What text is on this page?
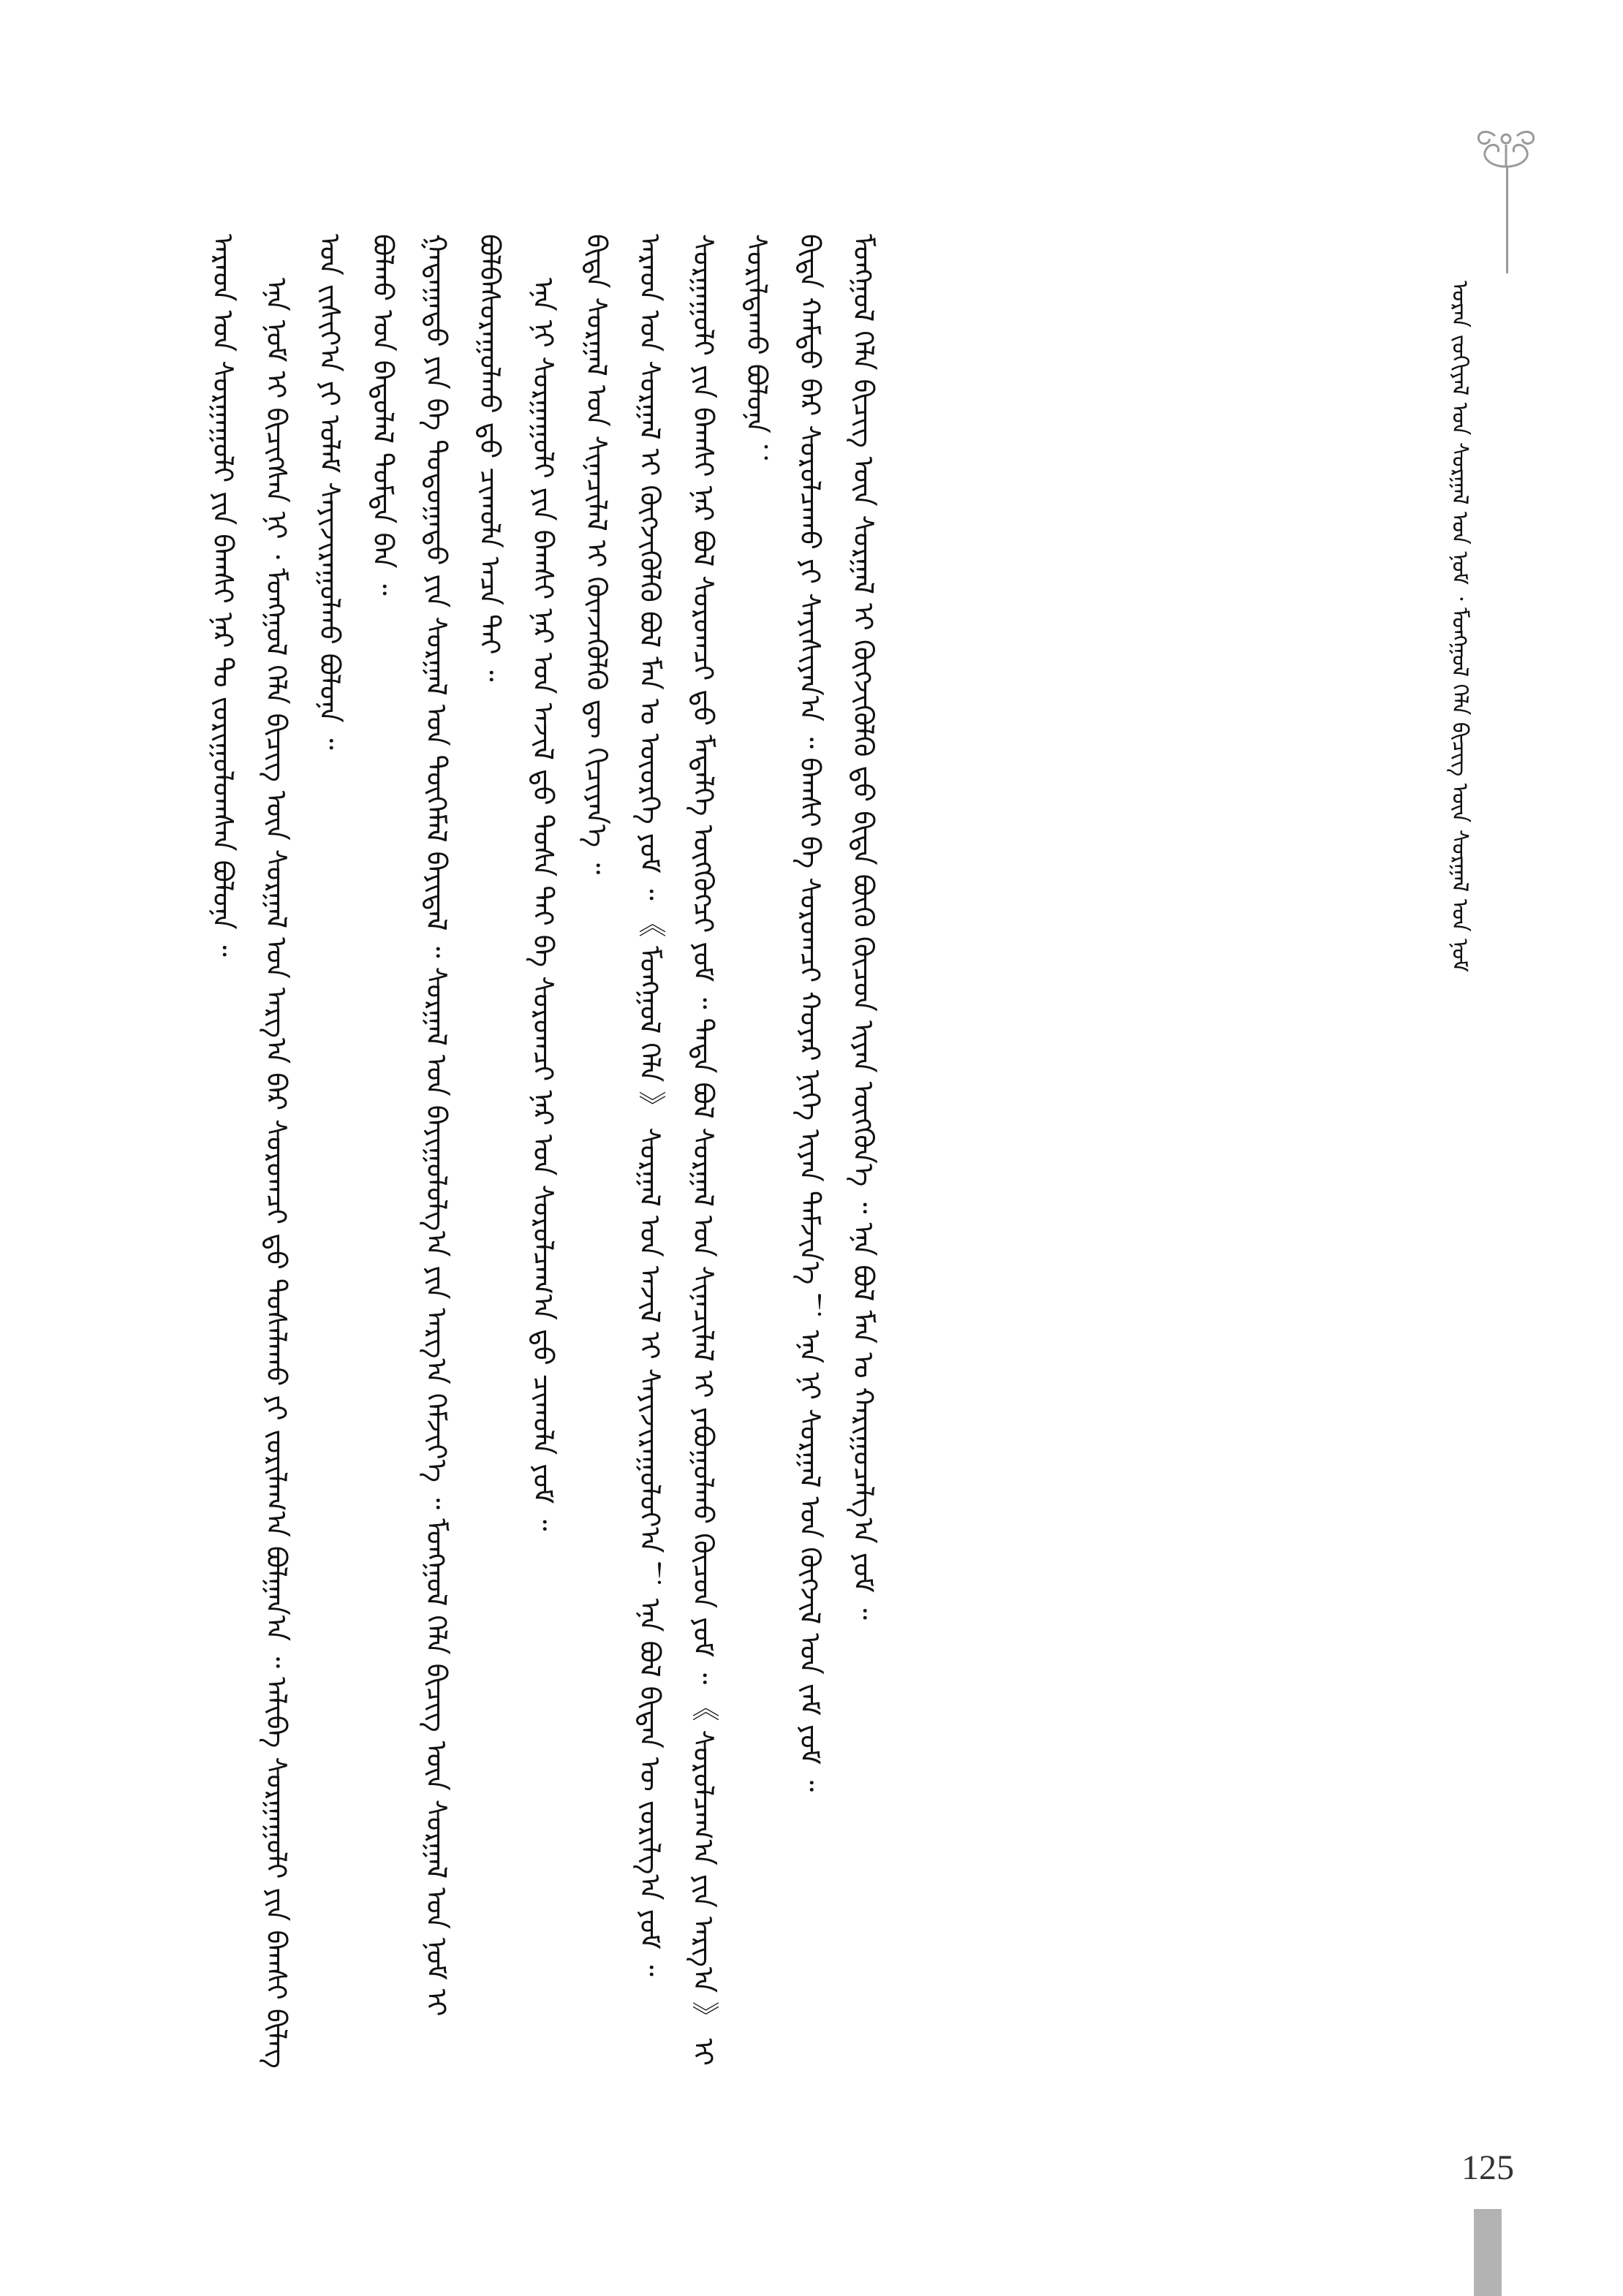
ᠤᠷᠠᠨ ᠵᠣᠬᠢᠶᠠᠯ ᠤᠨ ᠰᠤᠷᠭᠠᠯ ᠤᠨ ᠨᠣᠮ ᠂ ᠮᠣᠩᠭᠣᠯ ᠬᠡᠯᠡ ᠪᠢᠴᠢᠭ ᠦᠨ ᠰᠤᠷᠭᠠᠯ ᠤᠨ ᠨᠣᠮ

ᠠᠷᠠᠳ ᠤᠨ ᠰᠤᠷᠭᠠᠭᠤᠯᠢ ᠶᠢᠨ ᠪᠠᠭᠰᠢ ᠨᠠᠷ ᠲᠤ ᠵᠣᠷᠢᠭᠤᠯᠤᠭᠰᠠᠨ ᠪᠣᠯᠤᠨᠠ ᠃ ᠡᠨᠡ ᠨᠣᠮ ᠢ ᠪᠢᠴᠢᠭᠰᠡᠨ ᠨᠢ ᠂ ᠮᠣᠩᠭᠣᠯ ᠬᠡᠯᠡ ᠪᠢᠴᠢᠭ ᠦᠨ ᠰᠤᠷᠭᠠᠯ ᠤᠨ ᠠᠷᠭ᠎ᠠ ᠪᠠᠷ ᠰᠤᠷᠤᠭᠴᠢ ᠳ᠋ᠤ ᠲᠤᠰᠠᠯᠠᠬᠤ ᠶᠢ ᠵᠣᠷᠢᠯᠠᠭ᠎ᠠ ᠪᠣᠯᠭᠠᠨ᠎ᠠ ᠃ ᠠᠯᠢᠪᠠ ᠰᠤᠷᠭᠠᠭᠤᠯᠢ ᠶᠢᠨ ᠪᠠᠭᠰᠢ ᠪᠢᠯᠡᠭ ᠤᠨ ᠵᠢᠰᠢᠶ᠎ᠠ ᠶᠢ ᠤᠯᠠᠮ ᠰᠠᠶᠢᠵᠢᠷᠠᠭᠤᠯᠬᠤ ᠪᠣᠯᠤᠨᠠ ᠃ ᠪᠣᠯᠬᠤ ᠤᠨ ᠪᠠᠳᠤᠯᠠᠯ ᠳᠤᠮᠳᠠ ᠪᠠᠨ ᠃ ᠭᠠᠳᠠᠭᠠᠳᠤ ᠶᠢᠨ ᠪᠠ ᠳᠣᠲᠣᠭᠠᠳᠤ ᠶᠢᠨ ᠰᠤᠷᠭᠠᠯ ᠤᠨ ᠲᠦᠭᠡᠮᠡᠯ ᠪᠠᠶᠢᠳᠠᠯ ᠃ ᠰᠤᠷᠭᠠᠯ ᠤᠨ ᠪᠠᠶᠢᠭᠤᠯᠤᠯᠭ᠎ᠠ ᠶᠢᠨ ᠠᠷᠭ᠎ᠠ ᠬᠡᠮᠵᠢᠶ᠎ᠡ ᠃ ᠮᠣᠩᠭᠣᠯ ᠬᠡᠯᠡ ᠪᠢᠴᠢᠭ ᠦᠨ ᠰᠤᠷᠭᠠᠯ ᠤᠨ ᠨᠣᠮ ᠢ ᠪᠣᠯᠪᠠᠰᠤᠷᠠᠭᠤᠯᠬᠤ ᠳ᠋ᠤ ᠴᠢᠬᠤᠯᠠ ᠠᠴᠠ ᠲᠠᠢ ᠃ ᠡᠨᠡ ᠨᠢ ᠰᠤᠷᠭᠠᠭᠤᠯᠢ ᠶᠢᠨ ᠪᠠᠭᠰᠢ ᠨᠠᠷ ᠤᠨ ᠠᠵᠢᠯ ᠳ᠋ᠤ ᠲᠤᠰᠠ ᠲᠠᠢ ᠪᠠ ᠰᠤᠷᠤᠭᠴᠢ ᠨᠠᠷ ᠤᠨ ᠰᠤᠷᠤᠯᠴᠠᠭ᠎ᠠ ᠳ᠋ᠤ ᠴᠢᠬᠤᠯᠠ ᠶᠤᠮ ᠃ ᠪᠢᠳᠡ ᠰᠤᠷᠭᠠᠯ ᠤᠨ ᠰᠢᠨᠡᠴᠢᠯᠡᠯ ᠢ ᠭᠦᠨᠵᠡᠭᠦᠯᠬᠦ ᠳᠦ ᠬᠢᠴᠢᠶᠡᠨ᠎ᠡ ᠃ ᠠᠷᠠᠳ ᠤᠨ ᠰᠤᠷᠭᠠᠯ ᠢ ᠬᠥᠭᠵᠢᠭᠦᠯᠬᠦ ᠪᠣᠯ ᠮᠠᠨ ᠤ ᠦᠦᠷᠭᠡ ᠶᠤᠮ ᠃ 《 ᠮᠣᠩᠭᠣᠯ ᠬᠡᠯᠡ 》 ᠰᠤᠷᠭᠠᠯ ᠤᠨ ᠠᠵᠢᠯ ᠢ ᠰᠠᠶᠢᠵᠢᠷᠠᠭᠤᠯᠤᠶ᠎ᠠ ！ ᠡᠨᠡ ᠪᠣᠯ ᠪᠢᠳᠡᠨ ᠦ ᠵᠣᠷᠢᠯᠭ᠎ᠠ ᠶᠤᠮ ᠃ ᠰᠤᠷᠭᠠᠭᠤᠯᠢ ᠶᠢᠨ ᠪᠠᠭᠰᠢ ᠨᠠᠷ ᠪᠣᠯ ᠰᠤᠷᠤᠭᠴᠢ ᠳ᠋ᠤ ᠮᠡᠳᠡᠯᠭᠡ ᠥᠭᠭᠦᠭᠴᠢ ᠶᠤᠮ ᠃ ᠲᠡᠳᠡ ᠪᠣᠯ ᠰᠤᠷᠭᠠᠯ ᠤᠨ ᠰᠢᠨᠡᠴᠢᠯᠡᠯ ᠢ ᠶᠠᠪᠤᠭᠤᠯᠬᠤ ᠬᠦᠴᠦᠨ ᠶᠤᠮ ᠃ 《 ᠰᠤᠷᠤᠯᠴᠠᠭ᠎ᠠ ᠶᠢᠨ ᠠᠷᠭ᠎ᠠ 》 ᠢ ᠰᠣᠷᠢᠯᠳᠠᠬᠤ ᠪᠣᠯᠤᠨᠠ ： ᠪᠢᠳᠡ ᠬᠠᠮᠲᠤ ᠪᠡᠷ ᠰᠤᠷᠤᠯᠴᠠᠬᠤ ᠶᠢ ᠰᠠᠶᠢᠰᠢᠶᠠᠨ᠎ᠠ ᠃ ᠪᠠᠭᠰᠢ ᠪᠠ ᠰᠤᠷᠤᠭᠴᠢ ᠬᠣᠶᠠᠷ ᠨᠢᠭᠡ ᠢᠶᠡᠨ ᠳᠡᠮᠵᠢᠨ᠎ᠡ ！ ᠡᠨᠡ ᠨᠢ ᠰᠤᠷᠭᠠᠯ ᠤᠨ ᠬᠥᠭᠵᠢᠯ ᠤᠨ ᠵᠠᠮ ᠶᠤᠮ ᠃ ᠮᠣᠩᠭᠣᠯ ᠬᠡᠯᠡ ᠪᠢᠴᠢᠭ ᠦᠨ ᠰᠤᠷᠭᠠᠯ ᠢ ᠬᠥᠭᠵᠢᠭᠦᠯᠬᠦ ᠳ᠋ᠤ ᠪᠢᠳᠡ ᠪᠦᠬᠦ ᠬᠦᠴᠦᠨ ᠢᠶᠡᠨ ᠥᠭᠭᠦᠨ᠎ᠡ ᠃ ᠡᠨᠡ ᠪᠣᠯ ᠮᠠᠨ ᠤ ᠬᠠᠷᠢᠭᠤᠴᠠᠯᠭ᠎ᠠ ᠶᠤᠮ ᠃

125
